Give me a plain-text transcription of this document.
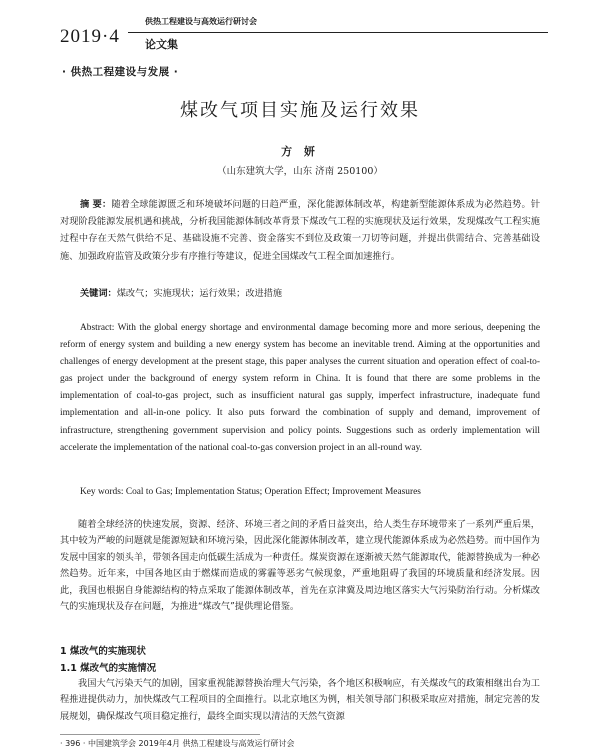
2019·4
供热工程建设与高效运行研讨会
论文集
· 供热工程建设与发展 ·
煤改气项目实施及运行效果
方 妍
（山东建筑大学，山东 济南 250100）
摘 要：随着全球能源匮乏和环境破坏问题的日趋严重，深化能源体制改革，构建新型能源体系成为必然趋势。针对现阶段能源发展机遇和挑战，分析我国能源体制改革背景下煤改气工程的实施现状及运行效果，发现煤改气工程实施过程中存在天然气供给不足、基础设施不完善、资金落实不到位及政策一刀切等问题，并提出供需结合、完善基础设施、加强政府监管及政策分步有序推行等建议，促进全国煤改气工程全面加速推行。
关键词：煤改气；实施现状；运行效果；改进措施
Abstract: With the global energy shortage and environmental damage becoming more and more serious, deepening the reform of energy system and building a new energy system has become an inevitable trend. Aiming at the opportunities and challenges of energy development at the present stage, this paper analyses the current situation and operation effect of coal-to-gas project under the background of energy system reform in China. It is found that there are some problems in the implementation of coal-to-gas project, such as insufficient natural gas supply, imperfect infrastructure, inadequate fund implementation and all-in-one policy. It also puts forward the combination of supply and demand, improvement of infrastructure, strengthening government supervision and policy points. Suggestions such as orderly implementation will accelerate the implementation of the national coal-to-gas conversion project in an all-round way.
Key words: Coal to Gas; Implementation Status; Operation Effect; Improvement Measures
随着全球经济的快速发展，资源、经济、环境三者之间的矛盾日益突出，给人类生存环境带来了一系列严重后果，其中较为严峻的问题就是能源短缺和环境污染，因此深化能源体制改革，建立现代能源体系成为必然趋势。而中国作为发展中国家的领头羊，带领各国走向低碳生活成为一种责任。煤炭资源在逐渐被天然气能源取代，能源替换成为一种必然趋势。近年来，中国各地区由于燃煤而造成的雾霾等恶劣气候现象，严重地阻碍了我国的环境质量和经济发展。因此，我国也根据自身能源结构的特点采取了能源体制改革，首先在京津冀及周边地区落实大气污染防治行动。分析煤改气的实施现状及存在问题，为推进“煤改气”提供理论借鉴。
1 煤改气的实施现状
1.1 煤改气的实施情况
我国大气污染天气的加剧，国家重视能源替换治理大气污染，各个地区积极响应，有关煤改气的政策相继出台为工程推进提供动力，加快煤改气工程项目的全面推行。以北京地区为例，相关领导部门积极采取应对措施，制定完善的发展规划，确保煤改气项目稳定推行，最终全面实现以清洁的天然气资源
· 396 · 中国建筑学会 2019年4月 供热工程建设与高效运行研讨会
